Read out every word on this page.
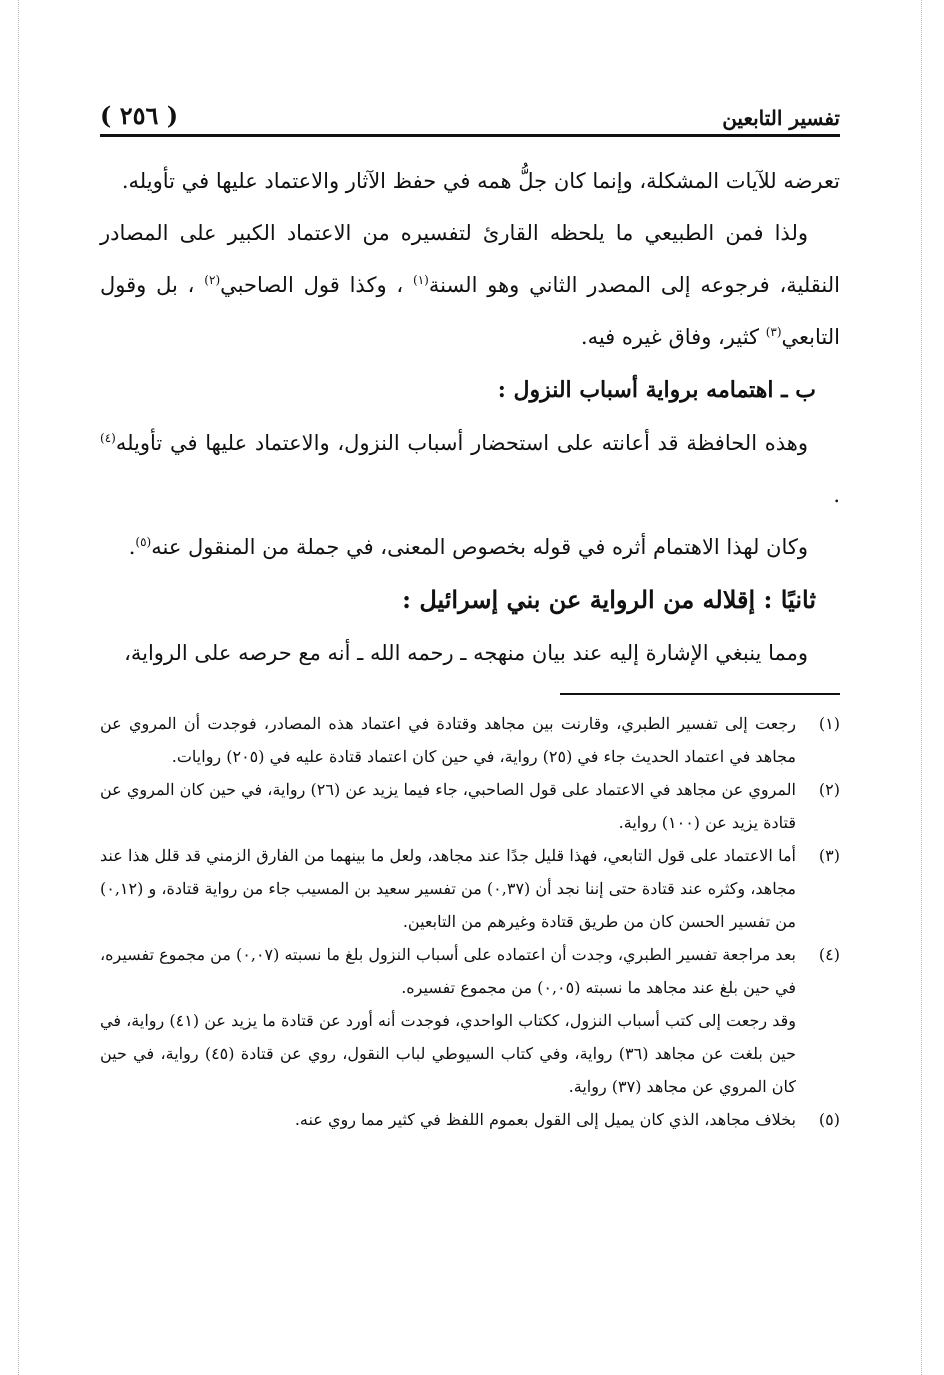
تفسير التابعين
( ٢٥٦ )

تعرضه للآيات المشكلة، وإنما كان جلُّ همه في حفظ الآثار والاعتماد عليها في تأويله.

ولذا فمن الطبيعي ما يلحظه القارئ لتفسيره من الاعتماد الكبير على المصادر النقلية، فرجوعه إلى المصدر الثاني وهو السنة$^{(١)}$ ، وكذا قول الصاحبي$^{(٢)}$ ، بل وقول التابعي$^{(٣)}$ كثير، وفاق غيره فيه.

ب ـ اهتمامه برواية أسباب النزول :

وهذه الحافظة قد أعانته على استحضار أسباب النزول، والاعتماد عليها في تأويله$^{(٤)}$ .

وكان لهذا الاهتمام أثره في قوله بخصوص المعنى، في جملة من المنقول عنه$^{(٥)}$.

ثانيًا : إقلاله من الرواية عن بني إسرائيل :

ومما ينبغي الإشارة إليه عند بيان منهجه ـ رحمه الله ـ أنه مع حرصه على الرواية،

(١)
رجعت إلى تفسير الطبري، وقارنت بين مجاهد وقتادة في اعتماد هذه المصادر، فوجدت أن المروي عن مجاهد في اعتماد الحديث جاء في (٢٥) رواية، في حين كان اعتماد قتادة عليه في (٢٠٥) روايات.
(٢)
المروي عن مجاهد في الاعتماد على قول الصاحبي، جاء فيما يزيد عن (٢٦) رواية، في حين كان المروي عن قتادة يزيد عن (١٠٠) رواية.
(٣)
أما الاعتماد على قول التابعي، فهذا قليل جدًا عند مجاهد، ولعل ما بينهما من الفارق الزمني قد قلل هذا عند مجاهد، وكثره عند قتادة حتى إننا نجد أن (٠,٣٧) من تفسير سعيد بن المسيب جاء من رواية قتادة، و (٠,١٢) من تفسير الحسن كان من طريق قتادة وغيرهم من التابعين.
(٤)
بعد مراجعة تفسير الطبري، وجدت أن اعتماده على أسباب النزول بلغ ما نسبته (٠,٠٧) من مجموع تفسيره، في حين بلغ عند مجاهد ما نسبته (٠,٠٥) من مجموع تفسيره.

وقد رجعت إلى كتب أسباب النزول، ككتاب الواحدي، فوجدت أنه أورد عن قتادة ما يزيد عن (٤١) رواية، في حين بلغت عن مجاهد (٣٦) رواية، وفي كتاب السيوطي لباب النقول، روي عن قتادة (٤٥) رواية، في حين كان المروي عن مجاهد (٣٧) رواية.

(٥)
بخلاف مجاهد، الذي كان يميل إلى القول بعموم اللفظ في كثير مما روي عنه.
